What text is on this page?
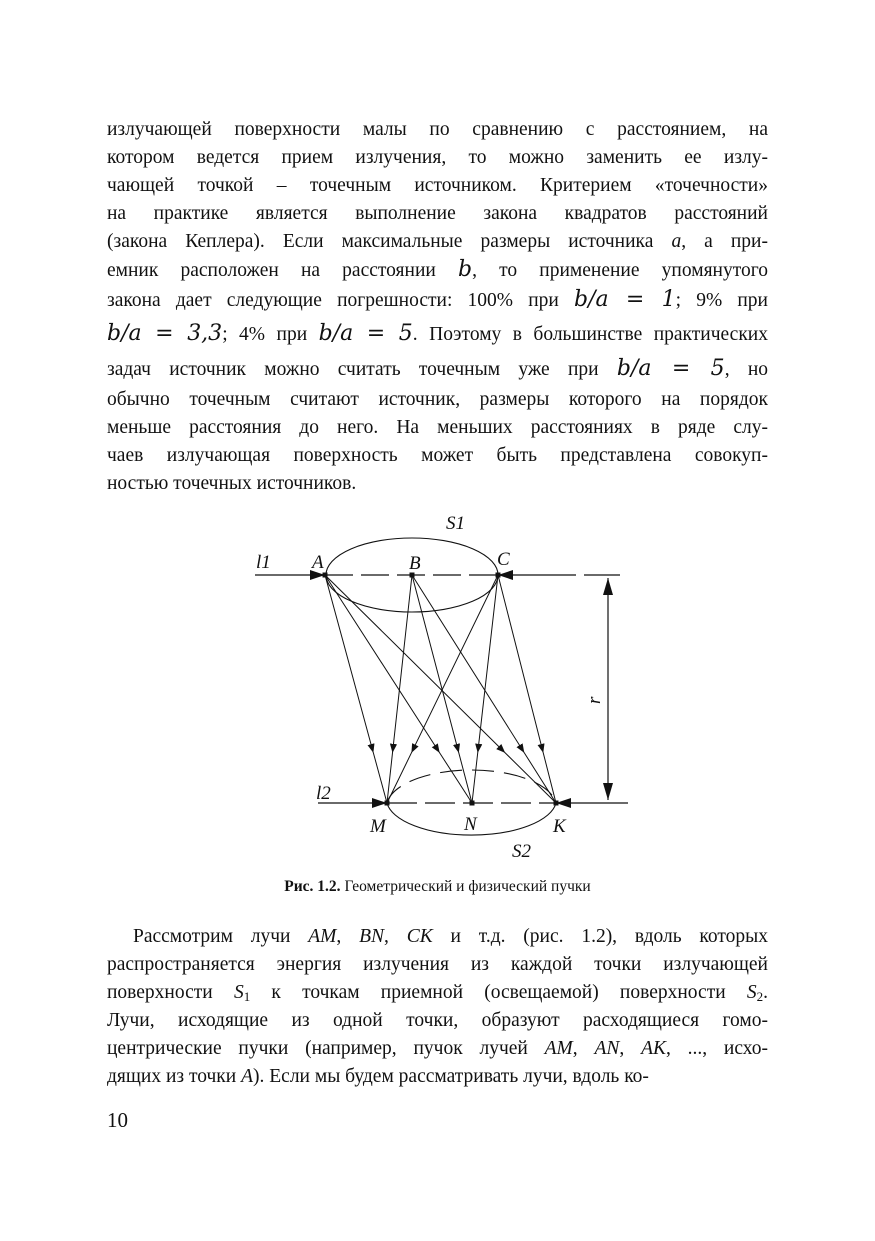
излучающей поверхности малы по сравнению с расстоянием, на
котором ведется прием излучения, то можно заменить ее излу-
чающей точкой – точечным источником. Критерием «точечности»
на практике является выполнение закона квадратов расстояний
(закона Кеплера). Если максимальные размеры источника a, а при-
емник расположен на расстоянии b, то применение упомянутого
закона дает следующие погрешности: 100% при b/a = 1; 9% при
b/a = 3,3; 4% при b/a = 5. Поэтому в большинстве практических
задач источник можно считать точечным уже при b/a = 5, но
обычно точечным считают источник, размеры которого на порядок
меньше расстояния до него. На меньших расстояниях в ряде слу-
чаев излучающая поверхность может быть представлена совокуп-
ностью точечных источников.
S1
l1 A	B	C
l2
M	N	K
S2
r
Рис. 1.2. Геометрический и физический пучки
Рассмотрим лучи AM, BN, CK и т.д. (рис. 1.2), вдоль которых
распространяется энергия излучения из каждой точки излучающей
поверхности $S_1$ к точкам приемной (освещаемой) поверхности $S_2$.
Лучи, исходящие из одной точки, образуют расходящиеся гомо-
центрические пучки (например, пучок лучей AM, AN, AK, ..., исхо-
дящих из точки A). Если мы будем рассматривать лучи, вдоль ко-
10
